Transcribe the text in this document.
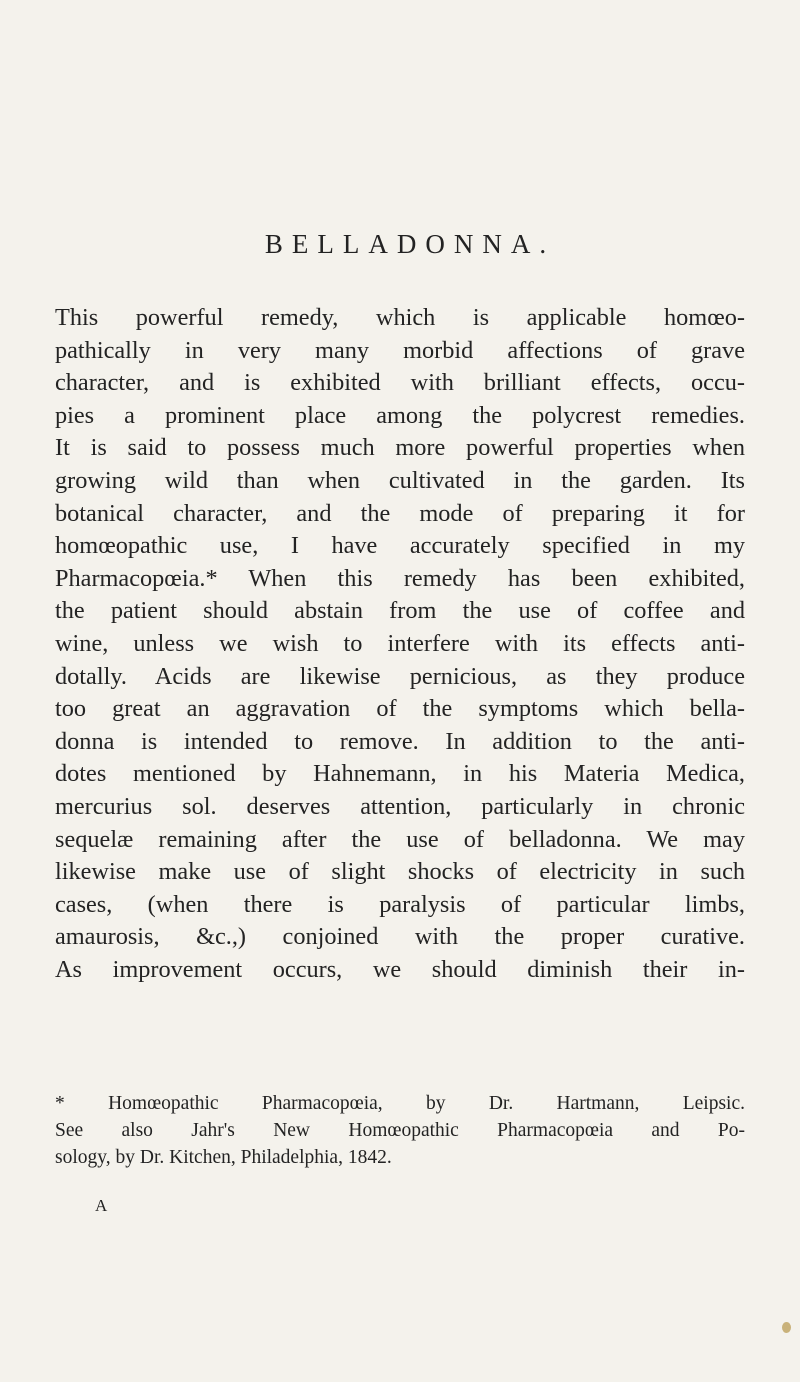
BELLADONNA.
This powerful remedy, which is applicable homœo-
pathically in very many morbid affections of grave
character, and is exhibited with brilliant effects, occu-
pies a prominent place among the polycrest remedies.
It is said to possess much more powerful properties when
growing wild than when cultivated in the garden. Its
botanical character, and the mode of preparing it for
homœopathic use, I have accurately specified in my
Pharmacopœia.* When this remedy has been exhibited,
the patient should abstain from the use of coffee and
wine, unless we wish to interfere with its effects anti-
dotally. Acids are likewise pernicious, as they produce
too great an aggravation of the symptoms which bella-
donna is intended to remove. In addition to the anti-
dotes mentioned by Hahnemann, in his Materia Medica,
mercurius sol. deserves attention, particularly in chronic
sequelæ remaining after the use of belladonna. We may
likewise make use of slight shocks of electricity in such
cases, (when there is paralysis of particular limbs,
amaurosis, &c.,) conjoined with the proper curative.
As improvement occurs, we should diminish their in-
* Homœopathic Pharmacopœia, by Dr. Hartmann, Leipsic.
See also Jahr's New Homœopathic Pharmacopœia and Po-
sology, by Dr. Kitchen, Philadelphia, 1842.
A
